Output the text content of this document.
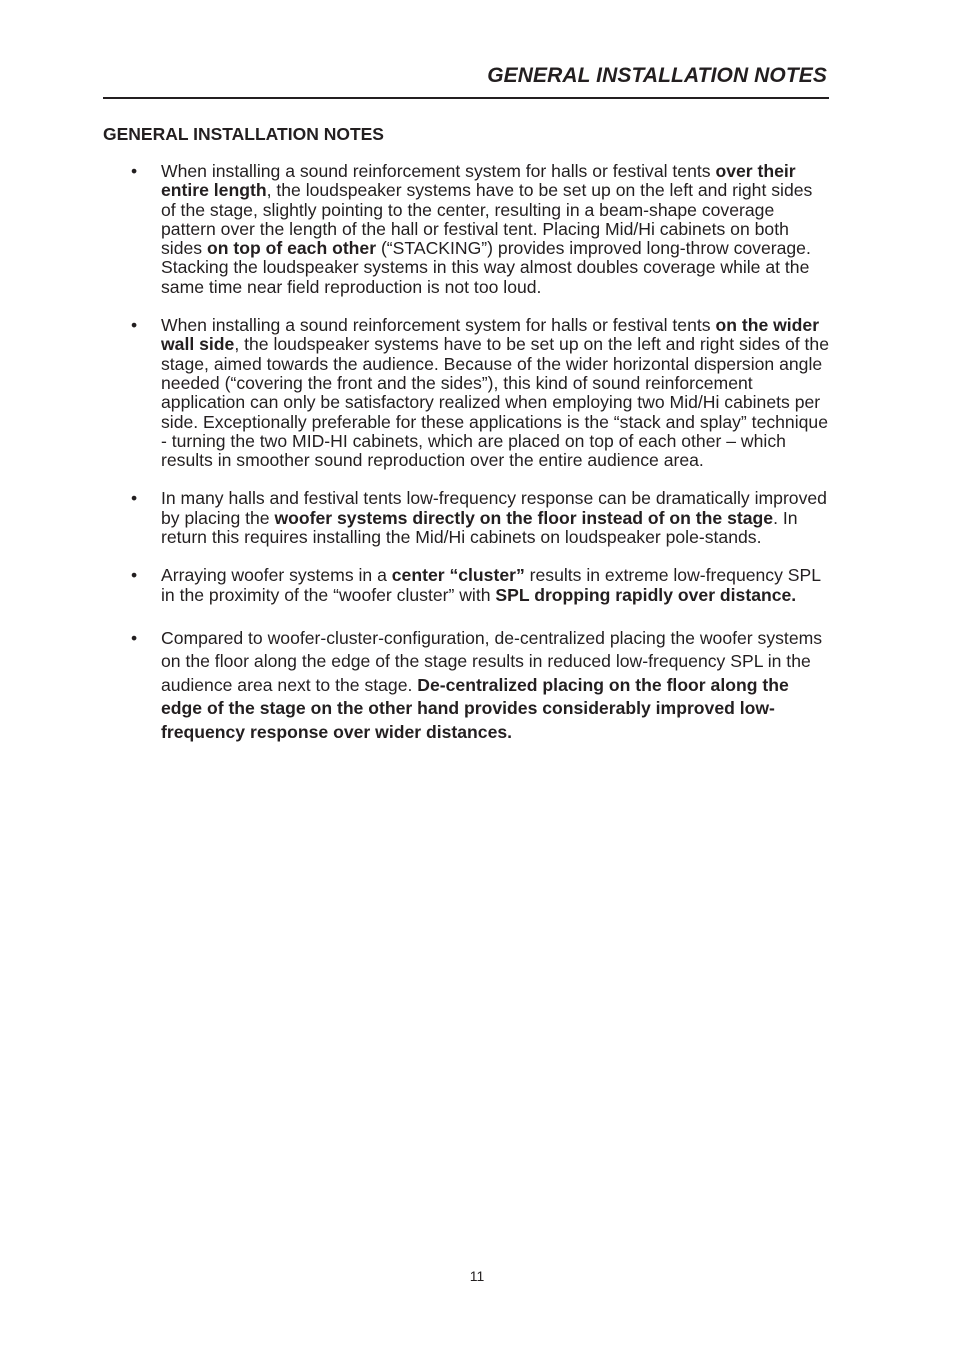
GENERAL INSTALLATION NOTES
GENERAL INSTALLATION NOTES
• When installing a sound reinforcement system for halls or festival tents over their entire length, the loudspeaker systems have to be set up on the left and right sides of the stage, slightly pointing to the center, resulting in a beam-shape coverage pattern over the length of the hall or festival tent. Placing Mid/Hi cabinets on both sides on top of each other (“STACKING”) provides improved long-throw coverage. Stacking the loudspeaker systems in this way almost doubles coverage while at the same time near field reproduction is not too loud.
• When installing a sound reinforcement system for halls or festival tents on the wider wall side, the loudspeaker systems have to be set up on the left and right sides of the stage, aimed towards the audience. Because of the wider horizontal dispersion angle needed (“covering the front and the sides”), this kind of sound reinforcement application can only be satisfactory realized when employing two Mid/Hi cabinets per side. Exceptionally preferable for these applications is the “stack and splay” technique - turning the two MID-HI cabinets, which are placed on top of each other – which results in smoother sound reproduction over the entire audience area.
• In many halls and festival tents low-frequency response can be dramatically improved by placing the woofer systems directly on the floor instead of on the stage. In return this requires installing the Mid/Hi cabinets on loudspeaker pole-stands.
• Arraying woofer systems in a center “cluster” results in extreme low-frequency SPL in the proximity of the “woofer cluster” with SPL dropping rapidly over distance.
• Compared to woofer-cluster-configuration, de-centralized placing the woofer systems on the floor along the edge of the stage results in reduced low-frequency SPL in the audience area next to the stage. De-centralized placing on the floor along the edge of the stage on the other hand provides considerably improved low-frequency response over wider distances.
11
